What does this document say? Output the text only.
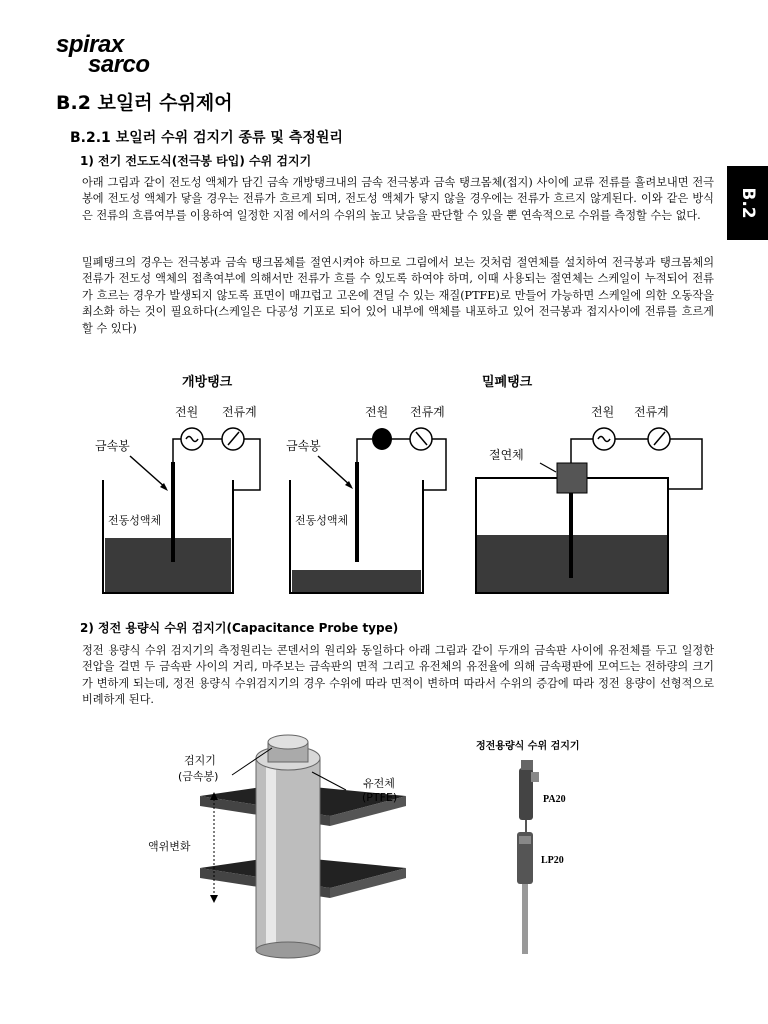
spirax
sarco
B.2
B.2 보일러 수위제어
B.2.1 보일러 수위 검지기 종류 및 측정원리
1) 전기 전도도식(전극봉 타입) 수위 검지기
아래 그림과 같이 전도성 액체가 담긴 금속 개방탱크내의 금속 전극봉과 금속 탱크몸체(접지) 사이에 교류 전류를 흘려보내면 전극봉에 전도성 액체가 닿을 경우는 전류가 흐르게 되며, 전도성 액체가 닿지 않을 경우에는 전류가 흐르지 않게된다. 이와 같은 방식은 전류의 흐름여부를 이용하여 일정한 지점 에서의 수위의 높고 낮음을 판단할 수 있을 뿐 연속적으로 수위를 측정할 수는 없다.
밀폐탱크의 경우는 전극봉과 금속 탱크몸체를 절연시켜야 하므로 그림에서 보는 것처럼 절연체를 설치하여 전극봉과 탱크몸체의 전류가 전도성 액체의 접촉여부에 의해서만 전류가 흐를 수 있도록 하여야 하며, 이때 사용되는 절연체는 스케일이 누적되어 전류가 흐르는 경우가 발생되지 않도록 표면이 매끄럽고 고온에 견딜 수 있는 재질(PTFE)로 만들어 가능하면 스케일에 의한 오동작을 최소화 하는 것이 필요하다(스케일은 다공성 기포로 되어 있어 내부에 액체를 내포하고 있어 전극봉과 접지사이에 전류를 흐르게 할 수 있다)
개방탱크	밀폐탱크
전원 전류계	전원 전류계	전원 전류계
금속봉	금속봉
절연체
전동성액체	전동성액체
2) 정전 용량식 수위 검지기(Capacitance Probe type)
정전 용량식 수위 검지기의 측정원리는 콘덴서의 원리와 동일하다 아래 그림과 같이 두개의 금속판 사이에 유전체를 두고 일정한 전압을 걸면 두 금속판 사이의 거리, 마주보는 금속판의 면적 그리고 유전체의 유전율에 의해 금속평판에 모여드는 전하량의 크기가 변하게 되는데, 정전 용량식 수위검지기의 경우 수위에 따라 면적이 변하며 따라서 수위의 증감에 따라 정전 용량이 선형적으로 비례하게 된다.
검지기
(금속봉)
유전체
(PTFE)
액위변화
정전용량식 수위 검지기
PA20
LP20
